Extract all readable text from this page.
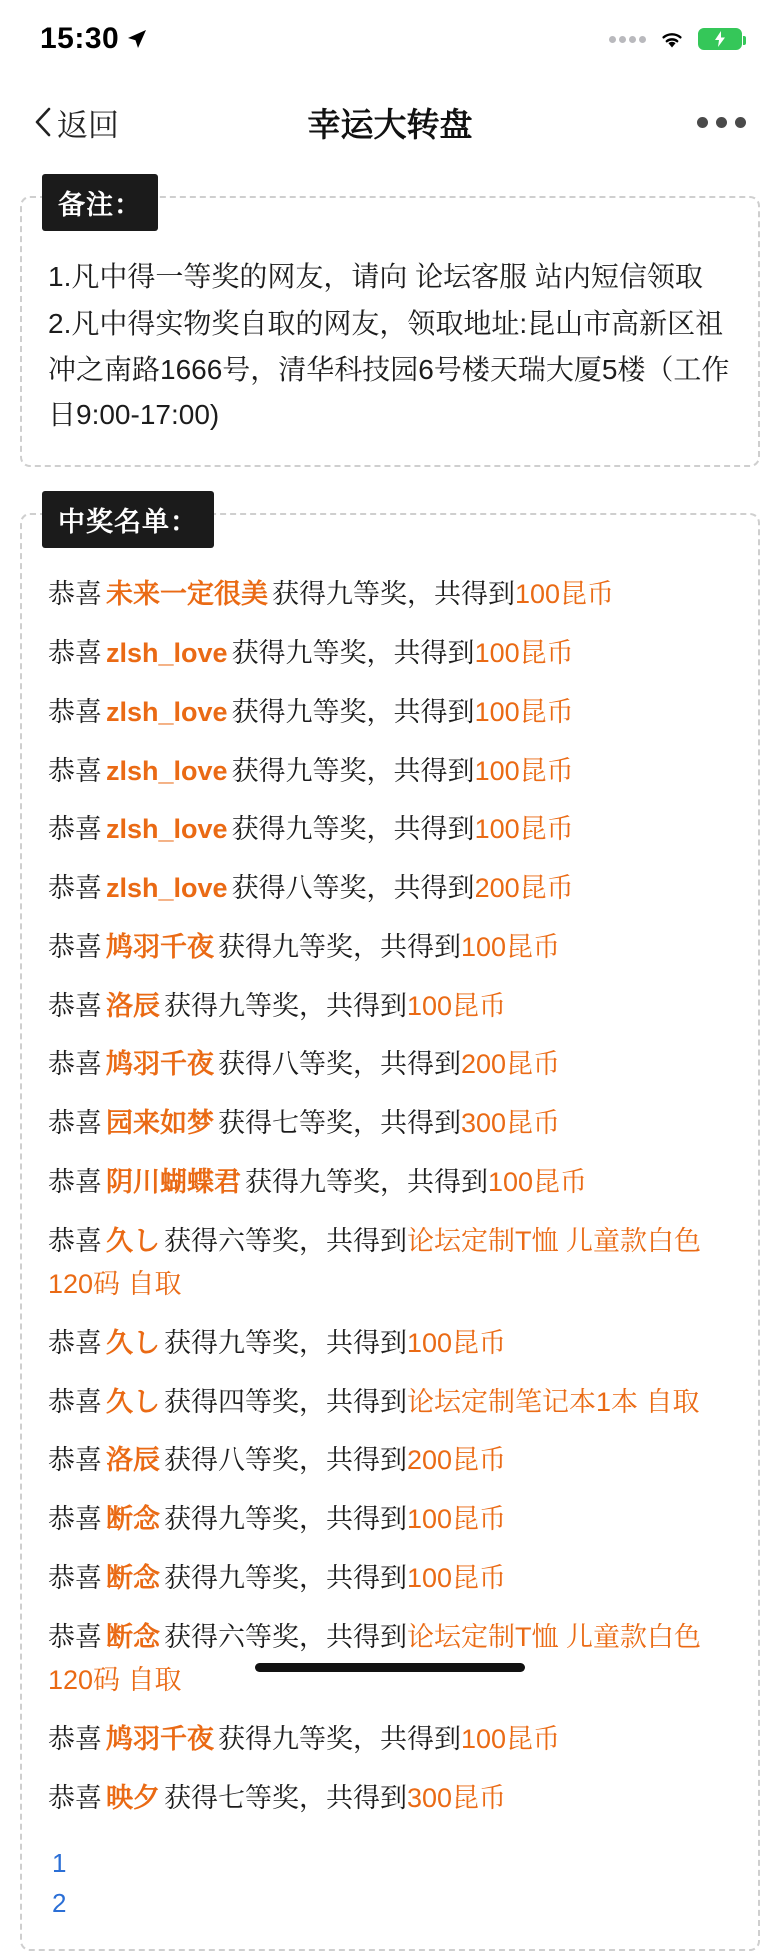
15:30
返回	幸运大转盘
备注：

1.凡中得一等奖的网友，请向 论坛客服 站内短信领取

2.凡中得实物奖自取的网友，领取地址:昆山市高新区祖冲之南路1666号，清华科技园6号楼天瑞大厦5楼（工作日9:00-17:00)

中奖名单：
恭喜 未来一定很美 获得九等奖，共得到100昆币
恭喜 zlsh_love 获得九等奖，共得到100昆币
恭喜 zlsh_love 获得九等奖，共得到100昆币
恭喜 zlsh_love 获得九等奖，共得到100昆币
恭喜 zlsh_love 获得九等奖，共得到100昆币
恭喜 zlsh_love 获得八等奖，共得到200昆币
恭喜 鸠羽千夜 获得九等奖，共得到100昆币
恭喜 洛辰 获得九等奖，共得到100昆币
恭喜 鸠羽千夜 获得八等奖，共得到200昆币
恭喜 园来如梦 获得七等奖，共得到300昆币
恭喜 阴川蝴蝶君 获得九等奖，共得到100昆币
恭喜 久し 获得六等奖，共得到论坛定制T恤 儿童款白色120码 自取
恭喜 久し 获得九等奖，共得到100昆币
恭喜 久し 获得四等奖，共得到论坛定制笔记本1本 自取
恭喜 洛辰 获得八等奖，共得到200昆币
恭喜 断念 获得九等奖，共得到100昆币
恭喜 断念 获得九等奖，共得到100昆币
恭喜 断念 获得六等奖，共得到论坛定制T恤 儿童款白色120码 自取
恭喜 鸠羽千夜 获得九等奖，共得到100昆币
恭喜 映夕 获得七等奖，共得到300昆币
1
2
